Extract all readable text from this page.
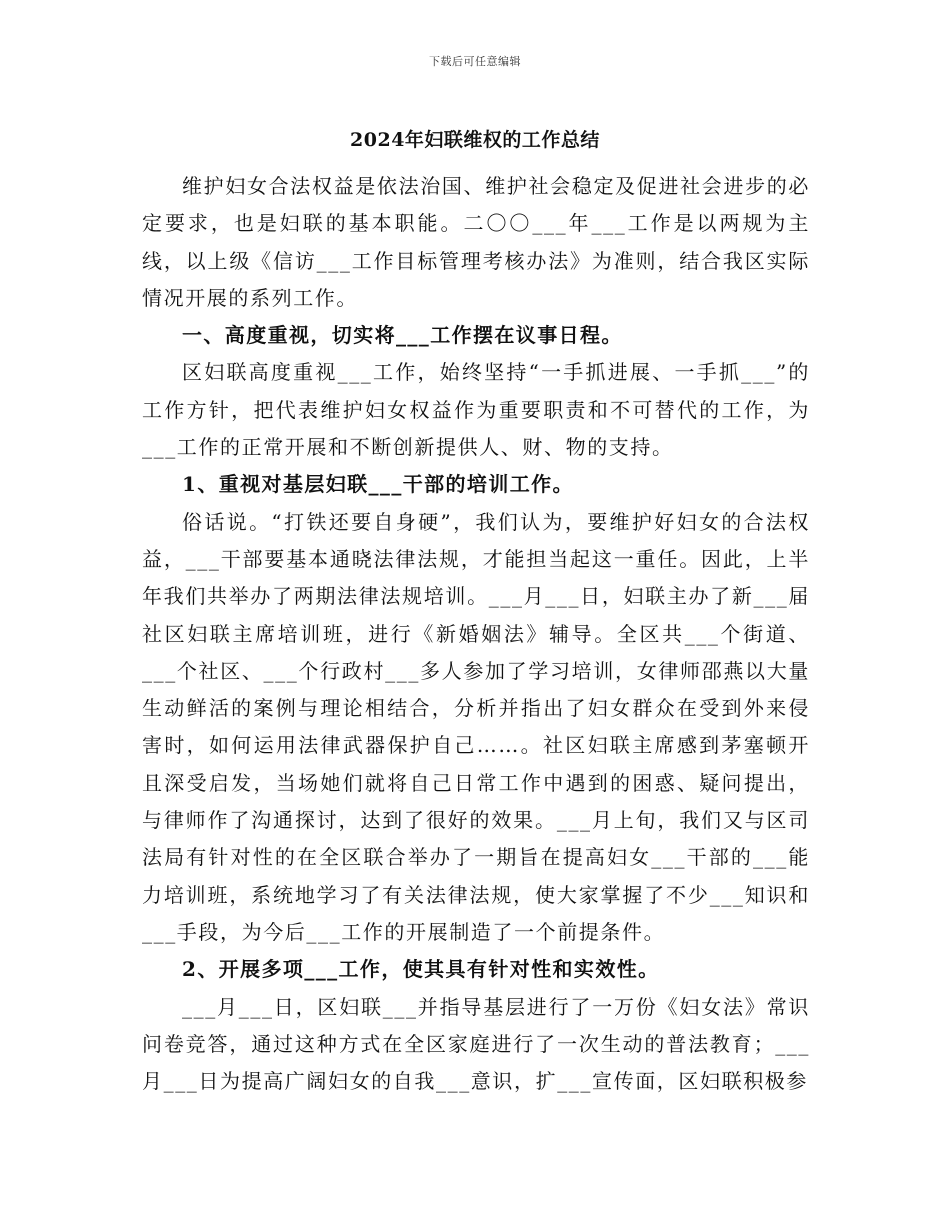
下载后可任意编辑
2024年妇联维权的工作总结

维护妇女合法权益是依法治国、维护社会稳定及促进社会进步的必定要求，也是妇联的基本职能。二〇〇___年___工作是以两规为主线，以上级《信访___工作目标管理考核办法》为准则，结合我区实际情况开展的系列工作。

一、高度重视，切实将___工作摆在议事日程。

区妇联高度重视___工作，始终坚持“一手抓进展、一手抓___”的工作方针，把代表维护妇女权益作为重要职责和不可替代的工作，为___工作的正常开展和不断创新提供人、财、物的支持。

1、重视对基层妇联___干部的培训工作。

俗话说。“打铁还要自身硬”，我们认为，要维护好妇女的合法权益，___干部要基本通晓法律法规，才能担当起这一重任。因此，上半年我们共举办了两期法律法规培训。___月___日，妇联主办了新___届社区妇联主席培训班，进行《新婚姻法》辅导。全区共___个街道、___个社区、___个行政村___多人参加了学习培训，女律师邵燕以大量生动鲜活的案例与理论相结合，分析并指出了妇女群众在受到外来侵害时，如何运用法律武器保护自己……。社区妇联主席感到茅塞顿开且深受启发，当场她们就将自己日常工作中遇到的困惑、疑问提出，与律师作了沟通探讨，达到了很好的效果。___月上旬，我们又与区司法局有针对性的在全区联合举办了一期旨在提高妇女___干部的___能力培训班，系统地学习了有关法律法规，使大家掌握了不少___知识和___手段，为今后___工作的开展制造了一个前提条件。

2、开展多项___工作，使其具有针对性和实效性。

___月___日，区妇联___并指导基层进行了一万份《妇女法》常识问卷竞答，通过这种方式在全区家庭进行了一次生动的普法教育；___月___日为提高广阔妇女的自我___意识，扩___宣传面，区妇联积极参
